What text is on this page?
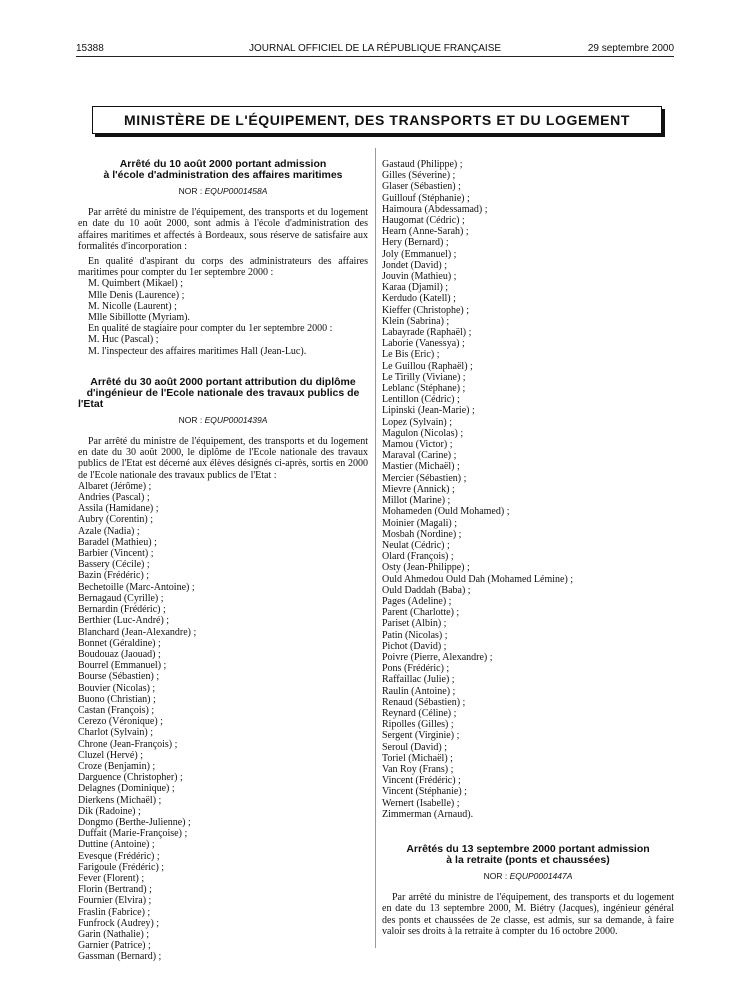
15388	JOURNAL OFFICIEL DE LA RÉPUBLIQUE FRANÇAISE	29 septembre 2000
MINISTÈRE DE L'ÉQUIPEMENT, DES TRANSPORTS ET DU LOGEMENT

Arrêté du 10 août 2000 portant admission

à l'école d'administration des affaires maritimes

NOR : EQUP0001458A

Par arrêté du ministre de l'équipement, des transports et du logement en date du 10 août 2000, sont admis à l'école d'administration des affaires maritimes et affectés à Bordeaux, sous réserve de satisfaire aux formalités d'incorporation :

En qualité d'aspirant du corps des administrateurs des affaires maritimes pour compter du 1er septembre 2000 :

M. Quimbert (Mikael) ;

Mlle Denis (Laurence) ;

M. Nicolle (Laurent) ;

Mlle Sibillotte (Myriam).

En qualité de stagiaire pour compter du 1er septembre 2000 :

M. Huc (Pascal) ;

M. l'inspecteur des affaires maritimes Hall (Jean-Luc).

Arrêté du 30 août 2000 portant attribution du diplôme

d'ingénieur de l'Ecole nationale des travaux publics de

l'Etat

NOR : EQUP0001439A

Par arrêté du ministre de l'équipement, des transports et du logement en date du 30 août 2000, le diplôme de l'Ecole nationale des travaux publics de l'Etat est décerné aux élèves désignés ci-après, sortis en 2000 de l'Ecole nationale des travaux publics de l'Etat :

Albaret (Jérôme) ;

Andries (Pascal) ;

Assila (Hamidane) ;

Aubry (Corentin) ;

Azale (Nadia) ;

Baradel (Mathieu) ;

Barbier (Vincent) ;

Bassery (Cécile) ;

Bazin (Frédéric) ;

Bechetoille (Marc-Antoine) ;

Bernagaud (Cyrille) ;

Bernardin (Frédéric) ;

Berthier (Luc-André) ;

Blanchard (Jean-Alexandre) ;

Bonnet (Géraldine) ;

Boudouaz (Jaouad) ;

Bourrel (Emmanuel) ;

Bourse (Sébastien) ;

Bouvier (Nicolas) ;

Buono (Christian) ;

Castan (François) ;

Cerezo (Véronique) ;

Charlot (Sylvain) ;

Chrone (Jean-François) ;

Cluzel (Hervé) ;

Croze (Benjamin) ;

Darguence (Christopher) ;

Delagnes (Dominique) ;

Dierkens (Michaël) ;

Dik (Radoine) ;

Dongmo (Berthe-Julienne) ;

Duffait (Marie-Françoise) ;

Duttine (Antoine) ;

Evesque (Frédéric) ;

Farigoule (Frédéric) ;

Fever (Florent) ;

Florin (Bertrand) ;

Fournier (Elvira) ;

Fraslin (Fabrice) ;

Funfrock (Audrey) ;

Garin (Nathalie) ;

Garnier (Patrice) ;

Gassman (Bernard) ;

Gastaud (Philippe) ;

Gilles (Séverine) ;

Glaser (Sébastien) ;

Guillouf (Stéphanie) ;

Haimoura (Abdessamad) ;

Haugomat (Cédric) ;

Hearn (Anne-Sarah) ;

Hery (Bernard) ;

Joly (Emmanuel) ;

Jondet (David) ;

Jouvin (Mathieu) ;

Karaa (Djamil) ;

Kerdudo (Katell) ;

Kieffer (Christophe) ;

Klein (Sabrina) ;

Labayrade (Raphaël) ;

Laborie (Vanessya) ;

Le Bis (Eric) ;

Le Guillou (Raphaël) ;

Le Tirilly (Viviane) ;

Leblanc (Stéphane) ;

Lentillon (Cédric) ;

Lipinski (Jean-Marie) ;

Lopez (Sylvain) ;

Magulon (Nicolas) ;

Mamou (Victor) ;

Maraval (Carine) ;

Mastier (Michaël) ;

Mercier (Sébastien) ;

Mievre (Annick) ;

Millot (Marine) ;

Mohameden (Ould Mohamed) ;

Moinier (Magali) ;

Mosbah (Nordine) ;

Neulat (Cédric) ;

Olard (François) ;

Osty (Jean-Philippe) ;

Ould Ahmedou Ould Dah (Mohamed Lémine) ;

Ould Daddah (Baba) ;

Pages (Adeline) ;

Parent (Charlotte) ;

Pariset (Albin) ;

Patin (Nicolas) ;

Pichot (David) ;

Poivre (Pierre, Alexandre) ;

Pons (Frédéric) ;

Raffaillac (Julie) ;

Raulin (Antoine) ;

Renaud (Sébastien) ;

Reynard (Céline) ;

Ripolles (Gilles) ;

Sergent (Virginie) ;

Seroul (David) ;

Toriel (Michaël) ;

Van Roy (Frans) ;

Vincent (Frédéric) ;

Vincent (Stéphanie) ;

Wernert (Isabelle) ;

Zimmerman (Arnaud).

Arrêtés du 13 septembre 2000 portant admission

à la retraite (ponts et chaussées)

NOR : EQUP0001447A

Par arrêté du ministre de l'équipement, des transports et du logement en date du 13 septembre 2000, M. Biétry (Jacques), ingénieur général des ponts et chaussées de 2e classe, est admis, sur sa demande, à faire valoir ses droits à la retraite à compter du 16 octobre 2000.
